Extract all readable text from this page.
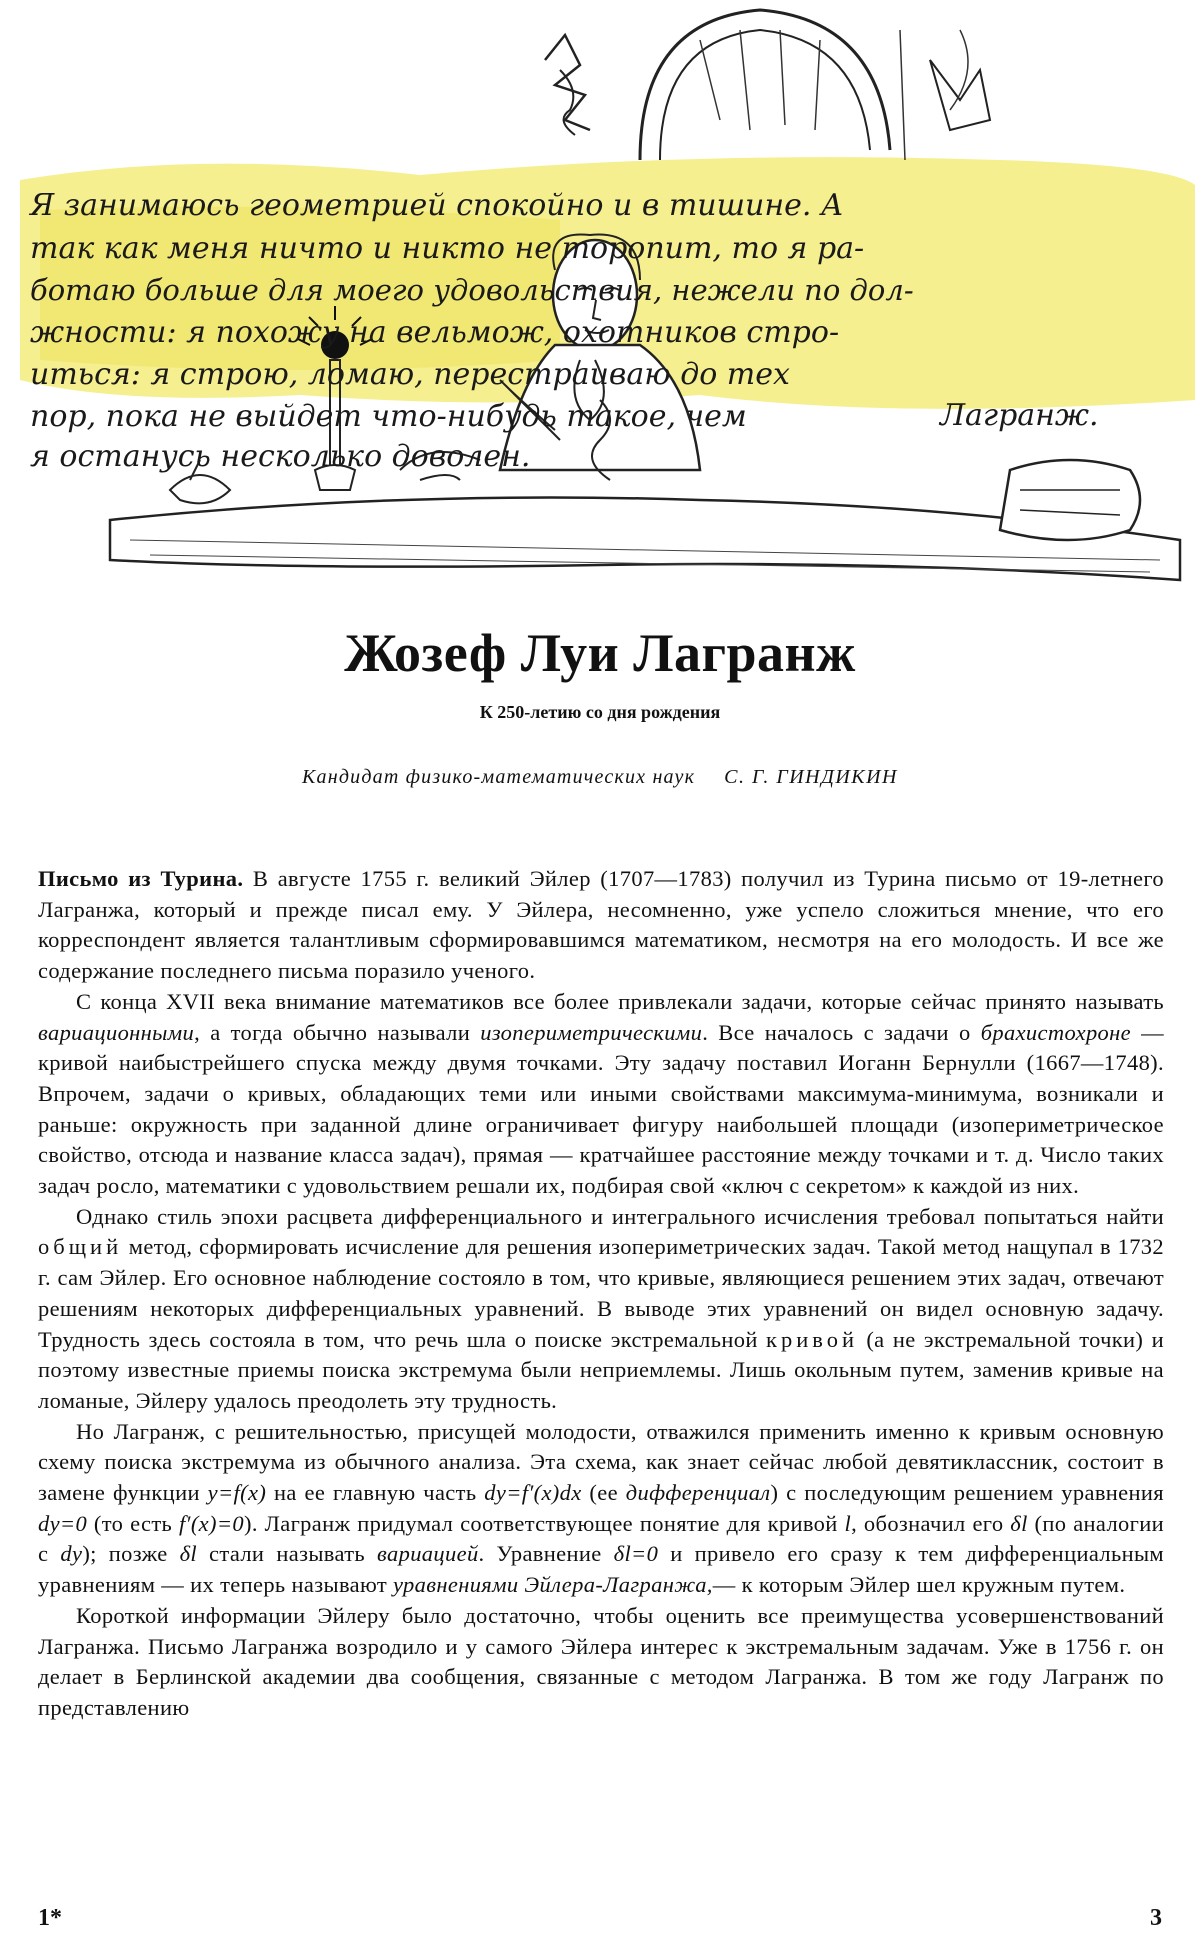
Я занимаюсь геометрией спокойно и в тишине. А
так как меня ничто и никто не торопит, то я ра-
ботаю больше для моего удовольствия, нежели по дол-
жности: я похожу на вельмож, охотников стро-
иться: я строю, ломаю, перестраиваю до тех
пор, пока не выйдет что-нибудь такое, чем
я останусь несколько доволен.
Лагранж.
Жозеф Луи Лагранж
К 250-летию со дня рождения
Кандидат физико-математических наук С. Г. ГИНДИКИН

Письмо из Турина. В августе 1755 г. великий Эйлер (1707—1783) получил из Турина письмо от 19-летнего Лагранжа, который и прежде писал ему. У Эйлера, несомненно, уже успело сложиться мнение, что его корреспондент является талантливым сформировавшимся математиком, несмотря на его молодость. И все же содержание последнего письма поразило ученого.

С конца XVII века внимание математиков все более привлекали задачи, которые сейчас принято называть вариационными, а тогда обычно называли изопериметрическими. Все началось с задачи о брахистохроне — кривой наибыстрейшего спуска между двумя точками. Эту задачу поставил Иоганн Бернулли (1667—1748). Впрочем, задачи о кривых, обладающих теми или иными свойствами максимума-минимума, возникали и раньше: окружность при заданной длине ограничивает фигуру наибольшей площади (изопериметрическое свойство, отсюда и название класса задач), прямая — кратчайшее расстояние между точками и т. д. Число таких задач росло, математики с удовольствием решали их, подбирая свой «ключ с секретом» к каждой из них.

Однако стиль эпохи расцвета дифференциального и интегрального исчисления требовал попытаться найти общий метод, сформировать исчисление для решения изопериметрических задач. Такой метод нащупал в 1732 г. сам Эйлер. Его основное наблюдение состояло в том, что кривые, являющиеся решением этих задач, отвечают решениям некоторых дифференциальных уравнений. В выводе этих уравнений он видел основную задачу. Трудность здесь состояла в том, что речь шла о поиске экстремальной кривой (а не экстремальной точки) и поэтому известные приемы поиска экстремума были неприемлемы. Лишь окольным путем, заменив кривые на ломаные, Эйлеру удалось преодолеть эту трудность.

Но Лагранж, с решительностью, присущей молодости, отважился применить именно к кривым основную схему поиска экстремума из обычного анализа. Эта схема, как знает сейчас любой девятиклассник, состоит в замене функции y=f(x) на ее главную часть dy=f′(x)dx (ее дифференциал) с последующим решением уравнения dy=0 (то есть f′(x)=0). Лагранж придумал соответствующее понятие для кривой l, обозначил его δl (по аналогии с dy); позже δl стали называть вариацией. Уравнение δl=0 и привело его сразу к тем дифференциальным уравнениям — их теперь называют уравнениями Эйлера-Лагранжа,— к которым Эйлер шел кружным путем.

Короткой информации Эйлеру было достаточно, чтобы оценить все преимущества усовершенствований Лагранжа. Письмо Лагранжа возродило и у самого Эйлера интерес к экстремальным задачам. Уже в 1756 г. он делает в Берлинской академии два сообщения, связанные с методом Лагранжа. В том же году Лагранж по представлению

1*	3
